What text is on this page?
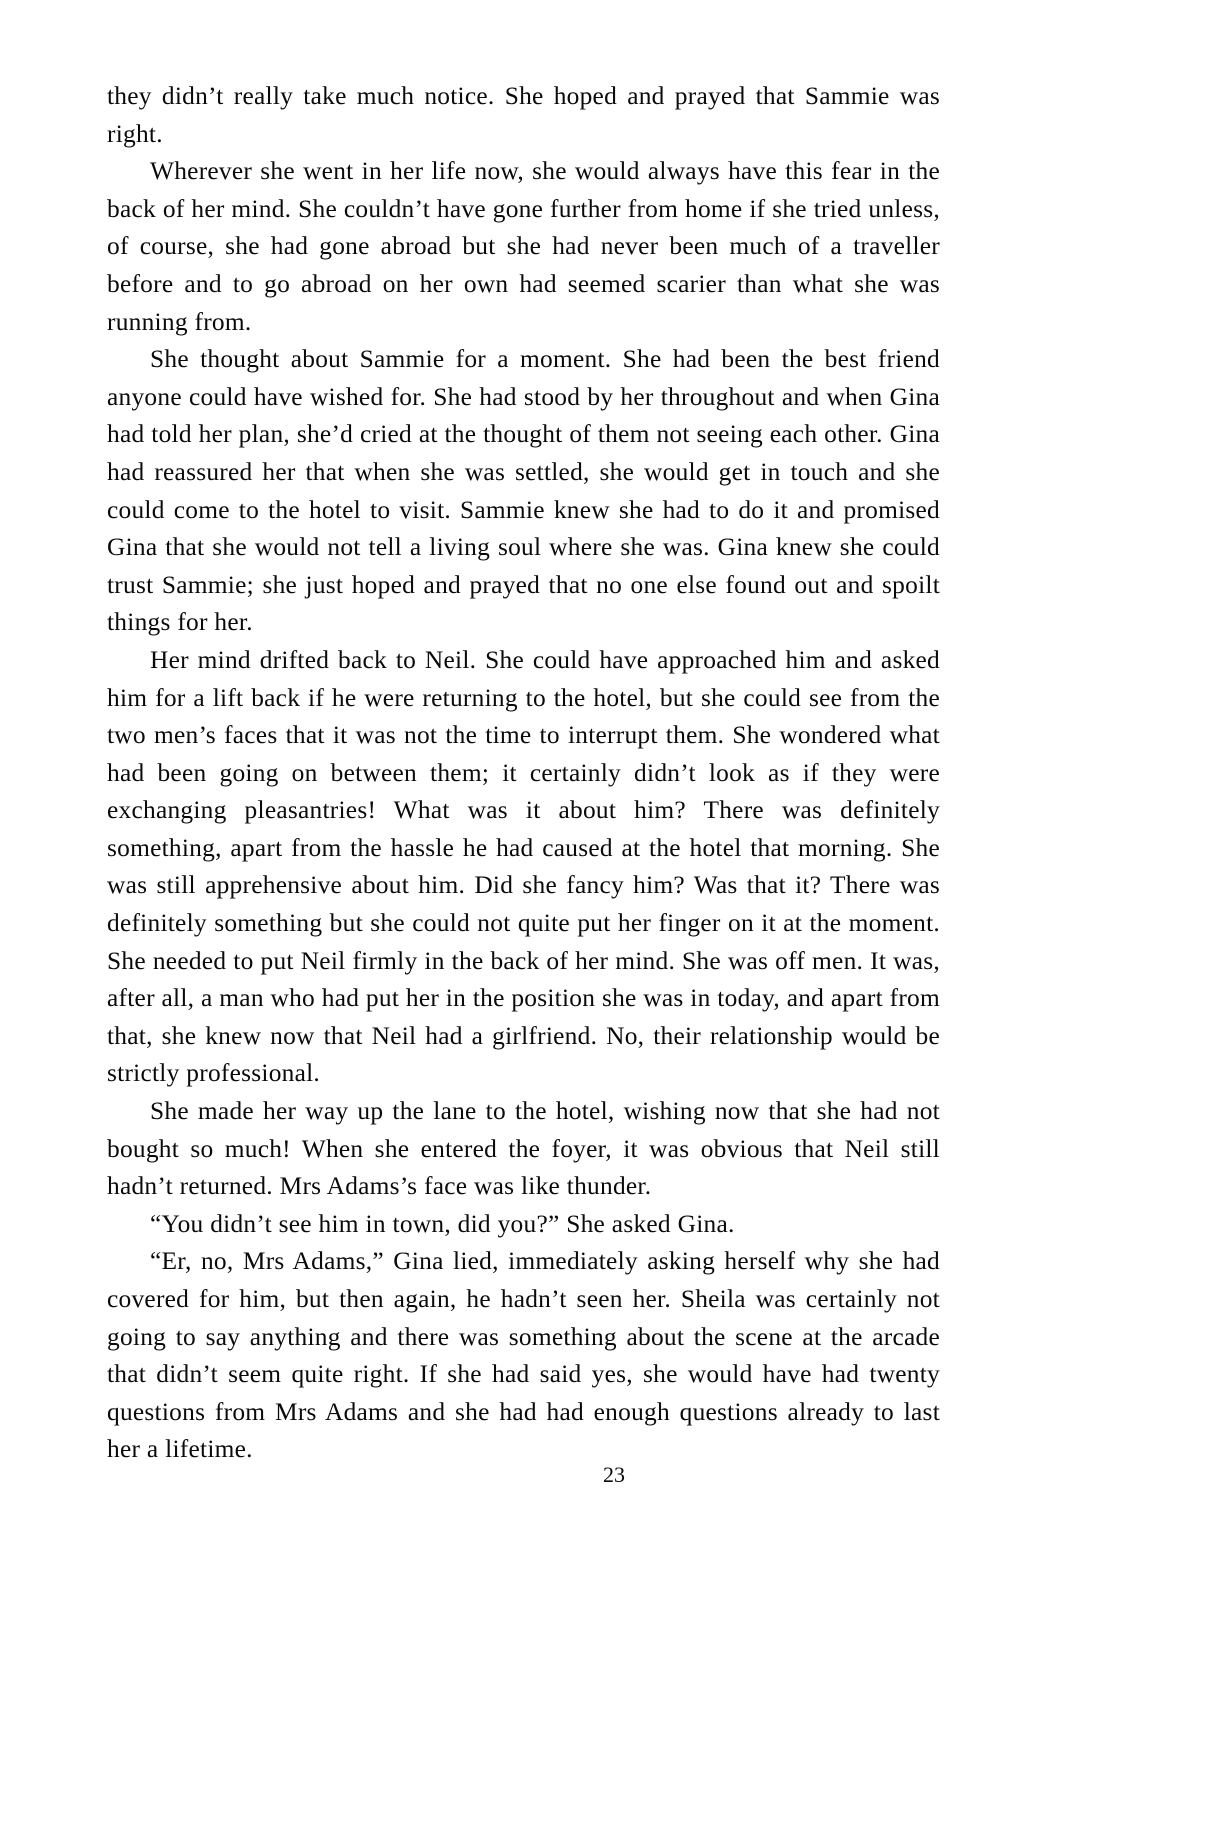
they didn’t really take much notice. She hoped and prayed that Sammie was right.

Wherever she went in her life now, she would always have this fear in the back of her mind. She couldn’t have gone further from home if she tried unless, of course, she had gone abroad but she had never been much of a traveller before and to go abroad on her own had seemed scarier than what she was running from.

She thought about Sammie for a moment. She had been the best friend anyone could have wished for. She had stood by her throughout and when Gina had told her plan, she’d cried at the thought of them not seeing each other. Gina had reassured her that when she was settled, she would get in touch and she could come to the hotel to visit. Sammie knew she had to do it and promised Gina that she would not tell a living soul where she was. Gina knew she could trust Sammie; she just hoped and prayed that no one else found out and spoilt things for her.

Her mind drifted back to Neil. She could have approached him and asked him for a lift back if he were returning to the hotel, but she could see from the two men’s faces that it was not the time to interrupt them. She wondered what had been going on between them; it certainly didn’t look as if they were exchanging pleasantries! What was it about him? There was definitely something, apart from the hassle he had caused at the hotel that morning. She was still apprehensive about him. Did she fancy him? Was that it? There was definitely something but she could not quite put her finger on it at the moment. She needed to put Neil firmly in the back of her mind. She was off men. It was, after all, a man who had put her in the position she was in today, and apart from that, she knew now that Neil had a girlfriend. No, their relationship would be strictly professional.

She made her way up the lane to the hotel, wishing now that she had not bought so much! When she entered the foyer, it was obvious that Neil still hadn’t returned. Mrs Adams’s face was like thunder.

“You didn’t see him in town, did you?” She asked Gina.

“Er, no, Mrs Adams,” Gina lied, immediately asking herself why she had covered for him, but then again, he hadn’t seen her. Sheila was certainly not going to say anything and there was something about the scene at the arcade that didn’t seem quite right. If she had said yes, she would have had twenty questions from Mrs Adams and she had had enough questions already to last her a lifetime.

23
